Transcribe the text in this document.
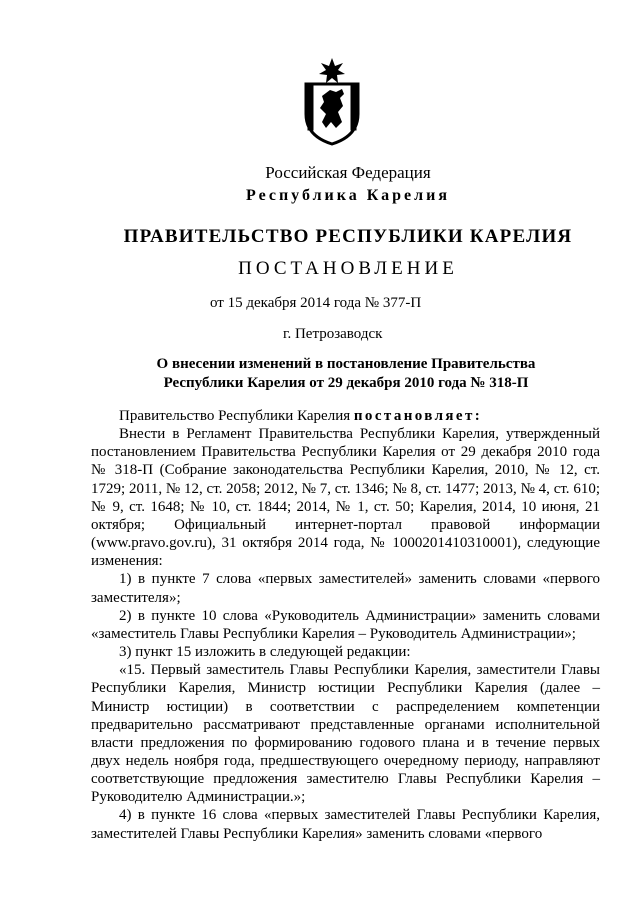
Российская Федерация
Республика Карелия
ПРАВИТЕЛЬСТВО РЕСПУБЛИКИ КАРЕЛИЯ
ПОСТАНОВЛЕНИЕ
от 15 декабря 2014 года № 377-П
г. Петрозаводск
О внесении изменений в постановление Правительства
Республики Карелия от 29 декабря 2010 года № 318-П

Правительство Республики Карелия постановляет:

Внести в Регламент Правительства Республики Карелия, утвержденный постановлением Правительства Республики Карелия от 29 декабря 2010 года № 318-П (Собрание законодательства Республики Карелия, 2010, № 12, ст. 1729; 2011, № 12, ст. 2058; 2012, № 7, ст. 1346; № 8, ст. 1477; 2013, № 4, ст. 610; № 9, ст. 1648; № 10, ст. 1844; 2014, № 1, ст. 50; Карелия, 2014, 10 июня, 21 октября; Официальный интернет-портал правовой информации (www.pravo.gov.ru), 31 октября 2014 года, № 1000201410310001), следующие изменения:

1) в пункте 7 слова «первых заместителей» заменить словами «первого заместителя»;

2) в пункте 10 слова «Руководитель Администрации» заменить словами «заместитель Главы Республики Карелия – Руководитель Администрации»;

3) пункт 15 изложить в следующей редакции:

«15. Первый заместитель Главы Республики Карелия, заместители Главы Республики Карелия, Министр юстиции Республики Карелия (далее – Министр юстиции) в соответствии с распределением компетенции предварительно рассматривают представленные органами исполнительной власти предложения по формированию годового плана и в течение первых двух недель ноября года, предшествующего очередному периоду, направляют соответствующие предложения заместителю Главы Республики Карелия – Руководителю Администрации.»;

4) в пункте 16 слова «первых заместителей Главы Республики Карелия, заместителей Главы Республики Карелия» заменить словами «первого
